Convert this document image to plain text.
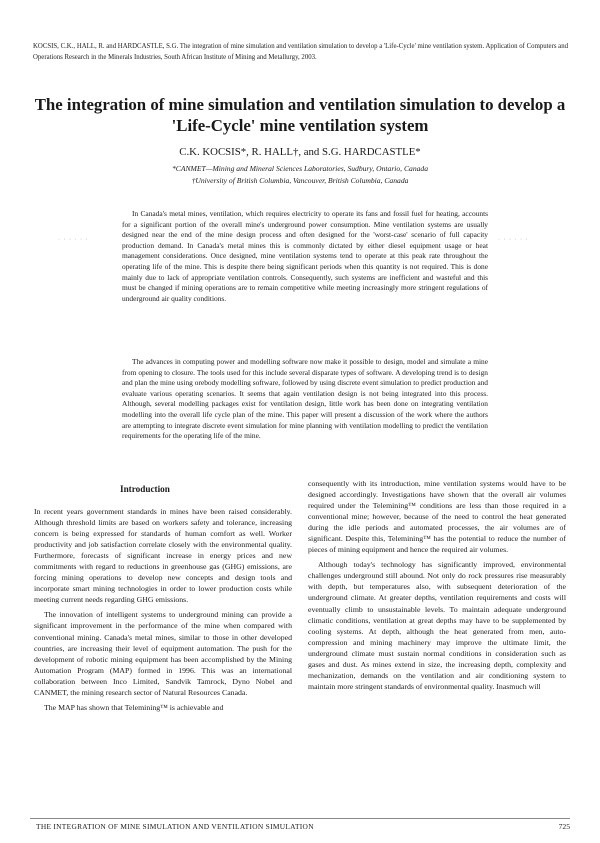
KOCSIS, C.K., HALL, R. and HARDCASTLE, S.G. The integration of mine simulation and ventilation simulation to develop a 'Life-Cycle' mine ventilation system. Application of Computers and Operations Research in the Minerals Industries, South African Institute of Mining and Metallurgy, 2003.
The integration of mine simulation and ventilation simulation to develop a 'Life-Cycle' mine ventilation system
C.K. KOCSIS*, R. HALL†, and S.G. HARDCASTLE*
*CANMET—Mining and Mineral Sciences Laboratories, Sudbury, Ontario, Canada
†University of British Columbia, Vancouver, British Columbia, Canada
· · · · · ·	· · · · · ·

In Canada's metal mines, ventilation, which requires electricity to operate its fans and fossil fuel for heating, accounts for a significant portion of the overall mine's underground power consumption. Mine ventilation systems are usually designed near the end of the mine design process and often designed for the 'worst-case' scenario of full capacity production demand. In Canada's metal mines this is commonly dictated by either diesel equipment usage or heat management considerations. Once designed, mine ventilation systems tend to operate at this peak rate throughout the operating life of the mine. This is despite there being significant periods when this quantity is not required. This is done mainly due to lack of appropriate ventilation controls. Consequently, such systems are inefficient and wasteful and this must be changed if mining operations are to remain competitive while meeting increasingly more stringent regulations of underground air quality conditions.

The advances in computing power and modelling software now make it possible to design, model and simulate a mine from opening to closure. The tools used for this include several disparate types of software. A developing trend is to design and plan the mine using orebody modelling software, followed by using discrete event simulation to predict production and evaluate various operating scenarios. It seems that again ventilation design is not being integrated into this process. Although, several modelling packages exist for ventilation design, little work has been done on integrating ventilation modelling into the overall life cycle plan of the mine. This paper will present a discussion of the work where the authors are attempting to integrate discrete event simulation for mine planning with ventilation modelling to predict the ventilation requirements for the operating life of the mine.

Introduction

In recent years government standards in mines have been raised considerably. Although threshold limits are based on workers safety and tolerance, increasing concern is being expressed for standards of human comfort as well. Worker productivity and job satisfaction correlate closely with the environmental quality. Furthermore, forecasts of significant increase in energy prices and new commitments with regard to reductions in greenhouse gas (GHG) emissions, are forcing mining operations to develop new concepts and design tools and incorporate smart mining technologies in order to lower production costs while meeting current needs regarding GHG emissions.

The innovation of intelligent systems to underground mining can provide a significant improvement in the performance of the mine when compared with conventional mining. Canada's metal mines, similar to those in other developed countries, are increasing their level of equipment automation. The push for the development of robotic mining equipment has been accomplished by the Mining Automation Program (MAP) formed in 1996. This was an international collaboration between Inco Limited, Sandvik Tamrock, Dyno Nobel and CANMET, the mining research sector of Natural Resources Canada.

The MAP has shown that Telemining™ is achievable and

consequently with its introduction, mine ventilation systems would have to be designed accordingly. Investigations have shown that the overall air volumes required under the Telemining™ conditions are less than those required in a conventional mine; however, because of the need to control the heat generated during the idle periods and automated processes, the air volumes are of significant. Despite this, Telemining™ has the potential to reduce the number of pieces of mining equipment and hence the required air volumes.

Although today's technology has significantly improved, environmental challenges underground still abound. Not only do rock pressures rise measurably with depth, but temperatures also, with subsequent deterioration of the underground climate. At greater depths, ventilation requirements and costs will eventually climb to unsustainable levels. To maintain adequate underground climatic conditions, ventilation at great depths may have to be supplemented by cooling systems. At depth, although the heat generated from men, auto-compression and mining machinery may improve the ultimate limit, the underground climate must sustain normal conditions in consideration such as gases and dust. As mines extend in size, the increasing depth, complexity and mechanization, demands on the ventilation and air conditioning system to maintain more stringent standards of environmental quality. Inasmuch will

THE INTEGRATION OF MINE SIMULATION AND VENTILATION SIMULATION	725
